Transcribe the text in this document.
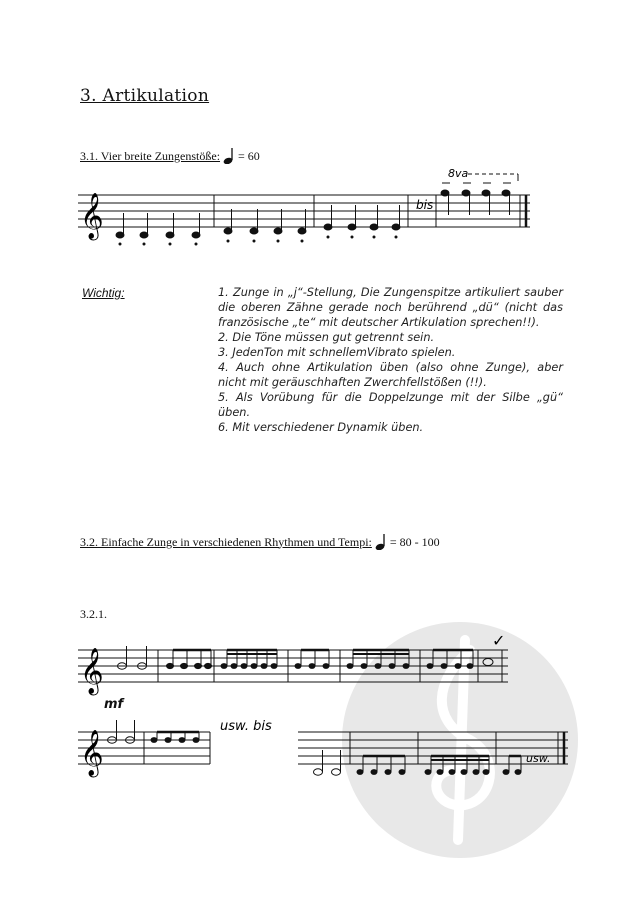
3. Artikulation
3.1. Vier breite Zungenstöße: = 60
𝄞	bis
8va
Wichtig:	1. Zunge in „j“-Stellung, Die Zungenspitze artikuliert sauber die oberen Zähne gerade noch berührend „dü“ (nicht das französische „te“ mit deutscher Artikulation sprechen!!).
2. Die Töne müssen gut getrennt sein.
3. JedenTon mit schnellemVibrato spielen.
4. Auch ohne Artikulation üben (also ohne Zunge), aber nicht mit geräuschhaften Zwerchfellstößen (!!).
5. Als Vorübung für die Doppelzunge mit der Silbe „gü“ üben.
6. Mit verschiedener Dynamik üben.
3.2. Einfache Zunge in verschiedenen Rhythmen und Tempi: = 80 - 100
3.2.1.
𝄞
✓
mf
𝄞
usw. bis
usw.
